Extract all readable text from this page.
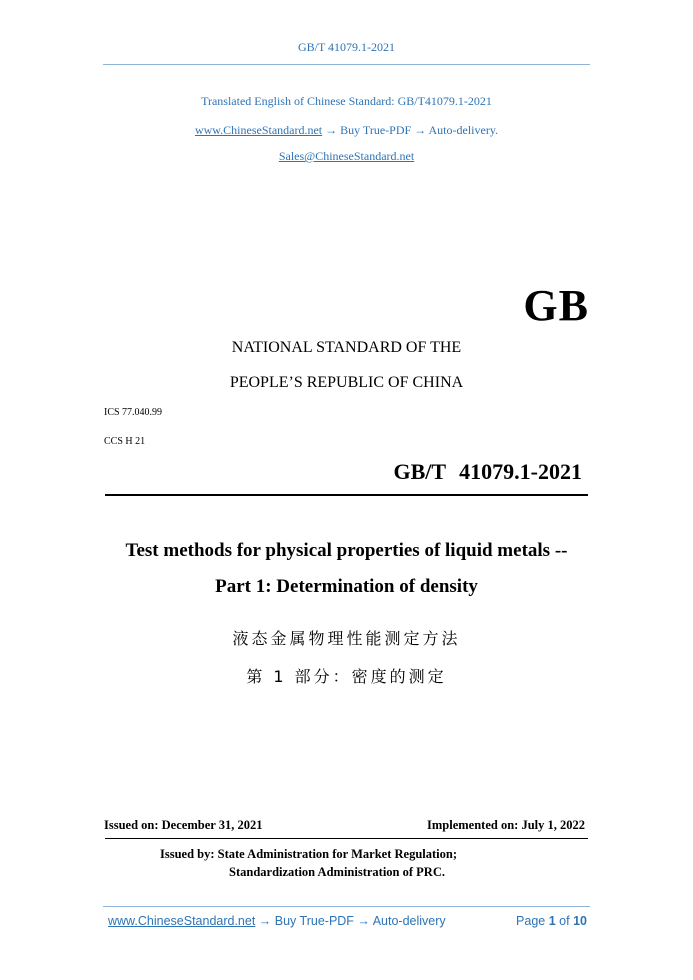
GB/T 41079.1-2021
Translated English of Chinese Standard: GB/T41079.1-2021
www.ChineseStandard.net → Buy True-PDF → Auto-delivery.
Sales@ChineseStandard.net
GB
NATIONAL STANDARD OF THE
PEOPLE’S REPUBLIC OF CHINA
ICS 77.040.99
CCS H 21
GB/T 41079.1-2021
Test methods for physical properties of liquid metals --
Part 1: Determination of density
液态金属物理性能测定方法
第 1 部分：密度的测定
Issued on: December 31, 2021	Implemented on: July 1, 2022
Issued by: State Administration for Market Regulation;
Standardization Administration of PRC.
www.ChineseStandard.net → Buy True-PDF → Auto-delivery	Page 1 of 10
